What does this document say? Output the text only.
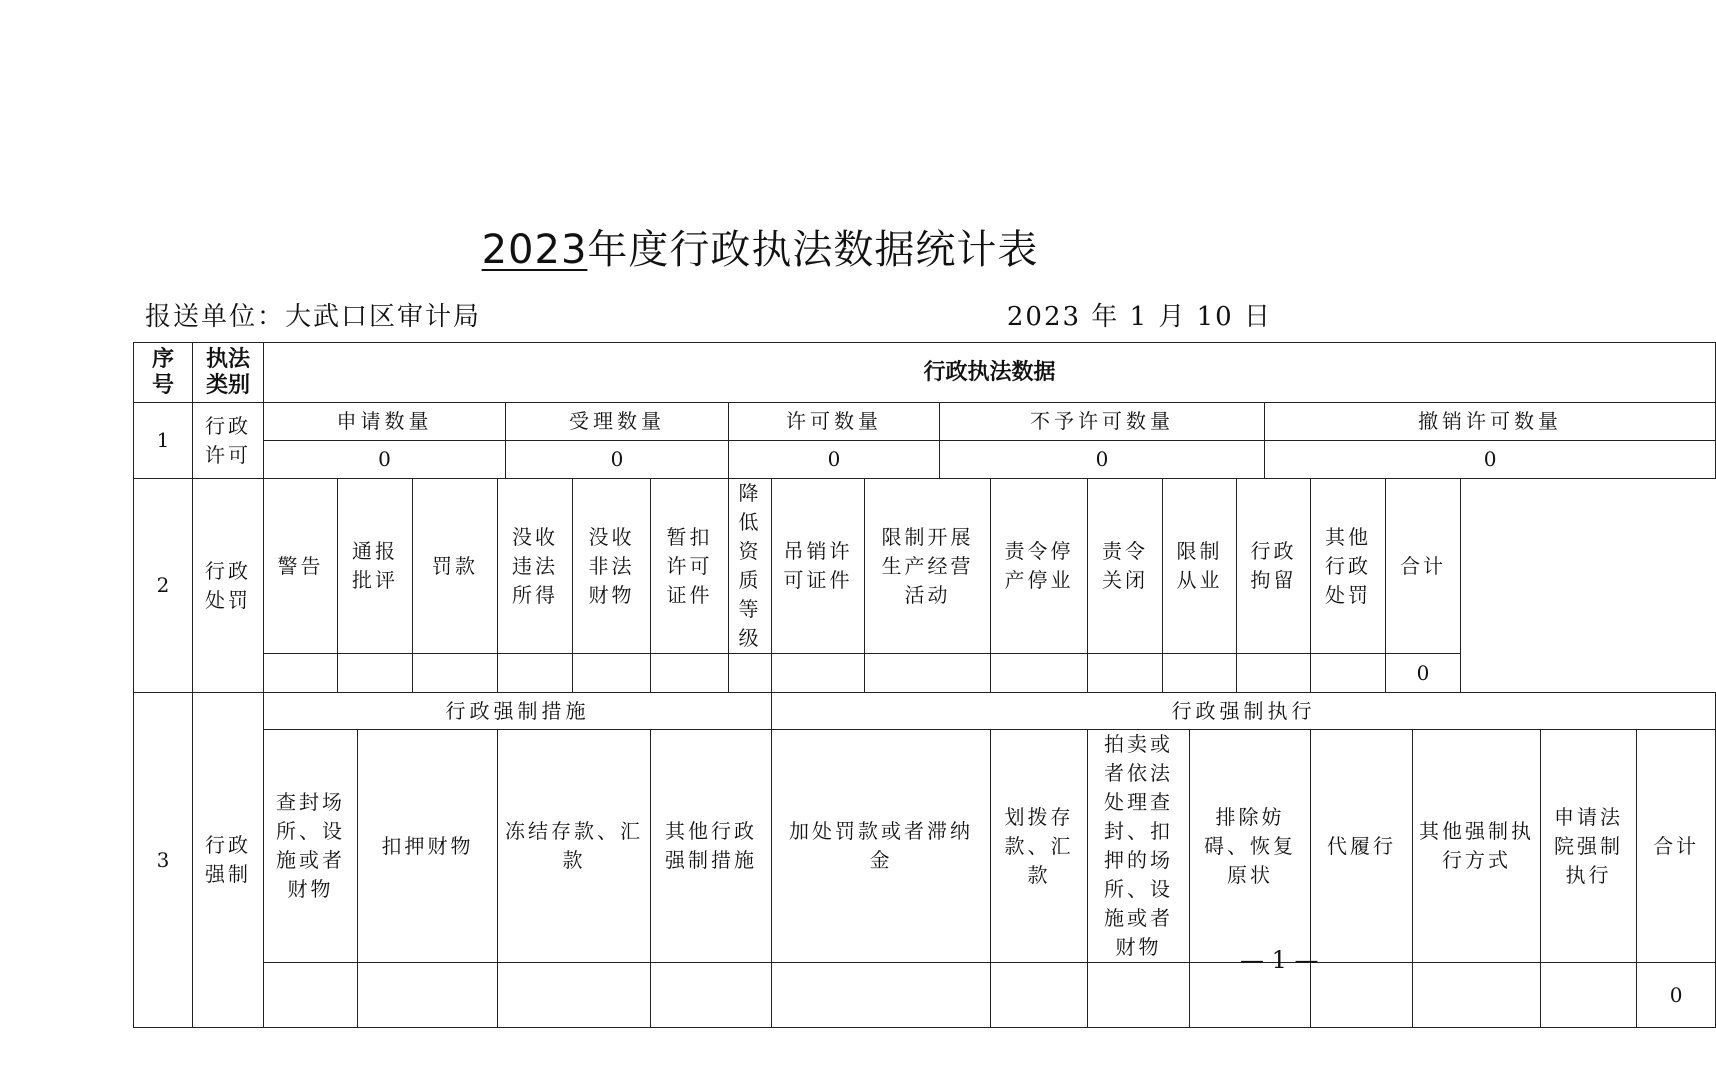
2023年度行政执法数据统计表
报送单位：大武口区审计局	2023 年 1 月 10 日
序号	执法类别	行政执法数据																						
1	行政许可	申请数量					受理数量			许可数量			不予许可数量						撤销许可数量					
		0					0			0			0						0					
2	行政处罚	警告	通报批评		罚款	没收违法所得		没收非法财物	暂扣许可证件	降低资质等级	吊销许可证件	限制开展生产经营活动		责令停产停业	责令关闭	限制从业		行政拘留		其他行政处罚	合计			
																					0			
3	行政强制	行政强制措施									行政强制执行													
		查封场所、设施或者财物		扣押财物		冻结存款、汇款			其他行政强制措施		加处罚款或者滞纳金			划拨存款、汇款	拍卖或者依法处理查封、扣押的场所、设施或者财物		排除妨碍、恢复原状			代履行		其他强制执行方式	申请法院强制执行	合计
																								0
— 1 —
